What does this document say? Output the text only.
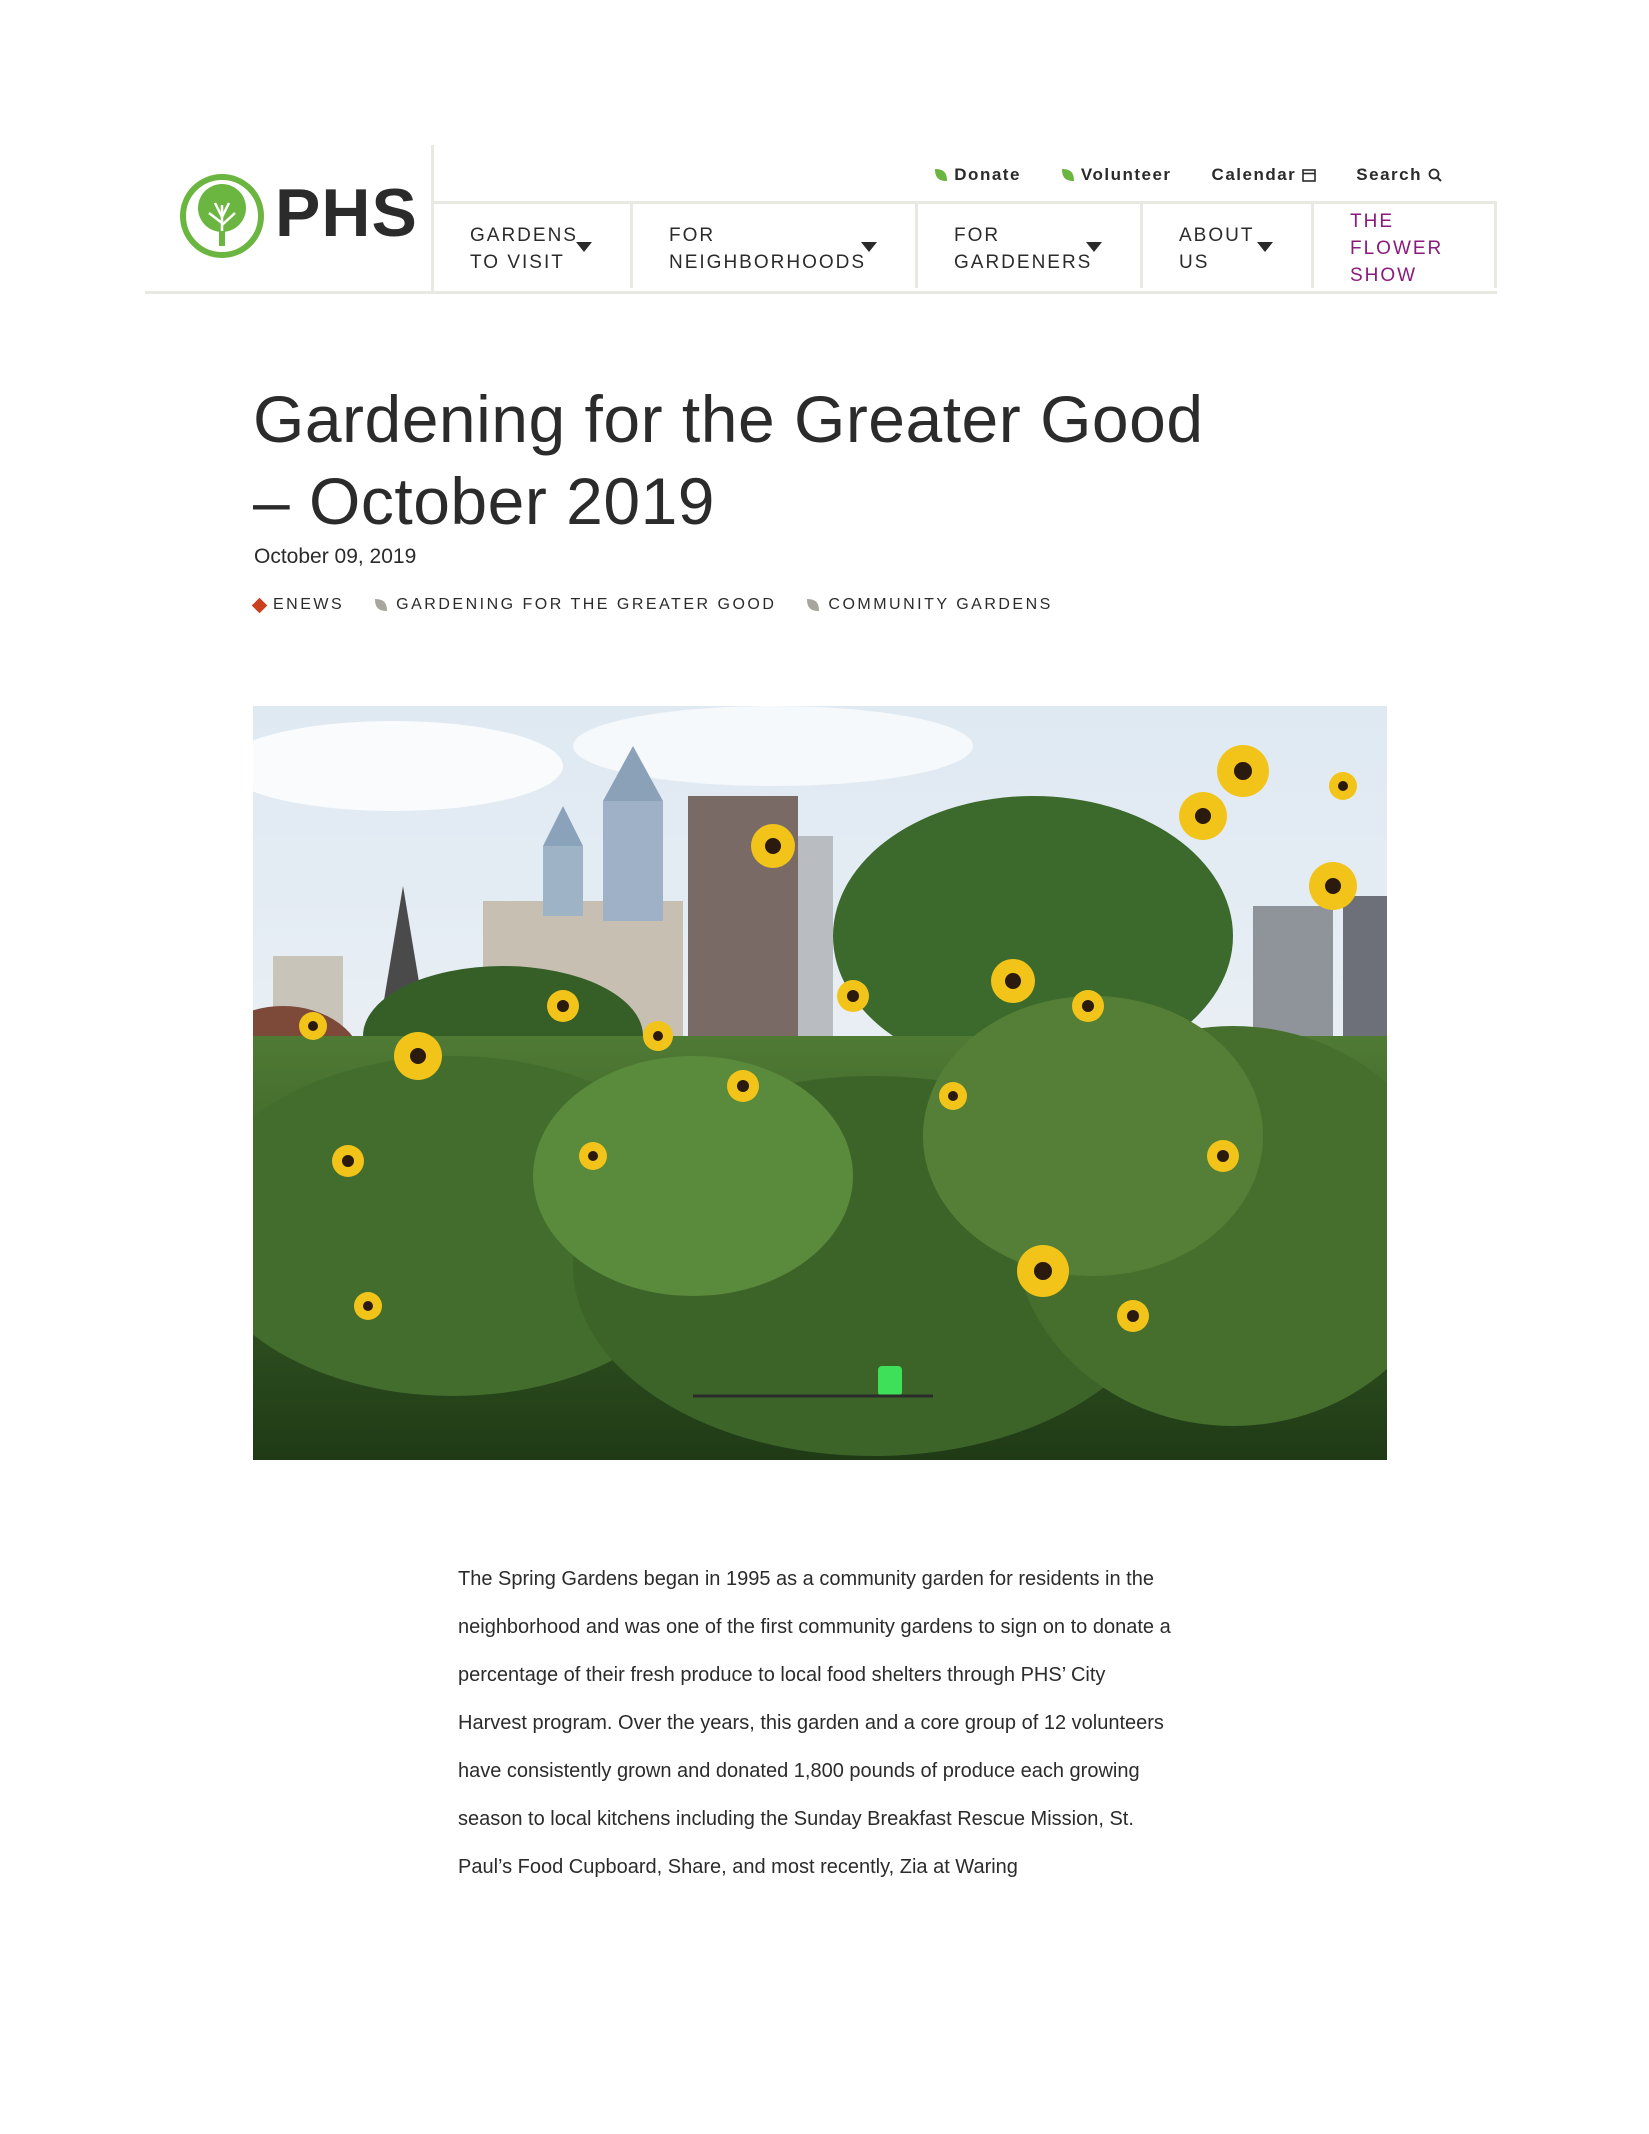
PHS
Donate	Volunteer Calendar	Search
GARDENS
TO VISIT
FOR
NEIGHBORHOODS
FOR
GARDENERS
ABOUT
US
THE
FLOWER
SHOW
Gardening for the Greater Good – October 2019
October 09, 2019
ENEWS	GARDENING FOR THE GREATER GOOD	COMMUNITY GARDENS

The Spring Gardens began in 1995 as a community garden for residents in the neighborhood and was one of the first community gardens to sign on to donate a percentage of their fresh produce to local food shelters through PHS’ City Harvest program. Over the years, this garden and a core group of 12 volunteers have consistently grown and donated 1,800 pounds of produce each growing season to local kitchens including the Sunday Breakfast Rescue Mission, St. Paul’s Food Cupboard, Share, and most recently, Zia at Waring
